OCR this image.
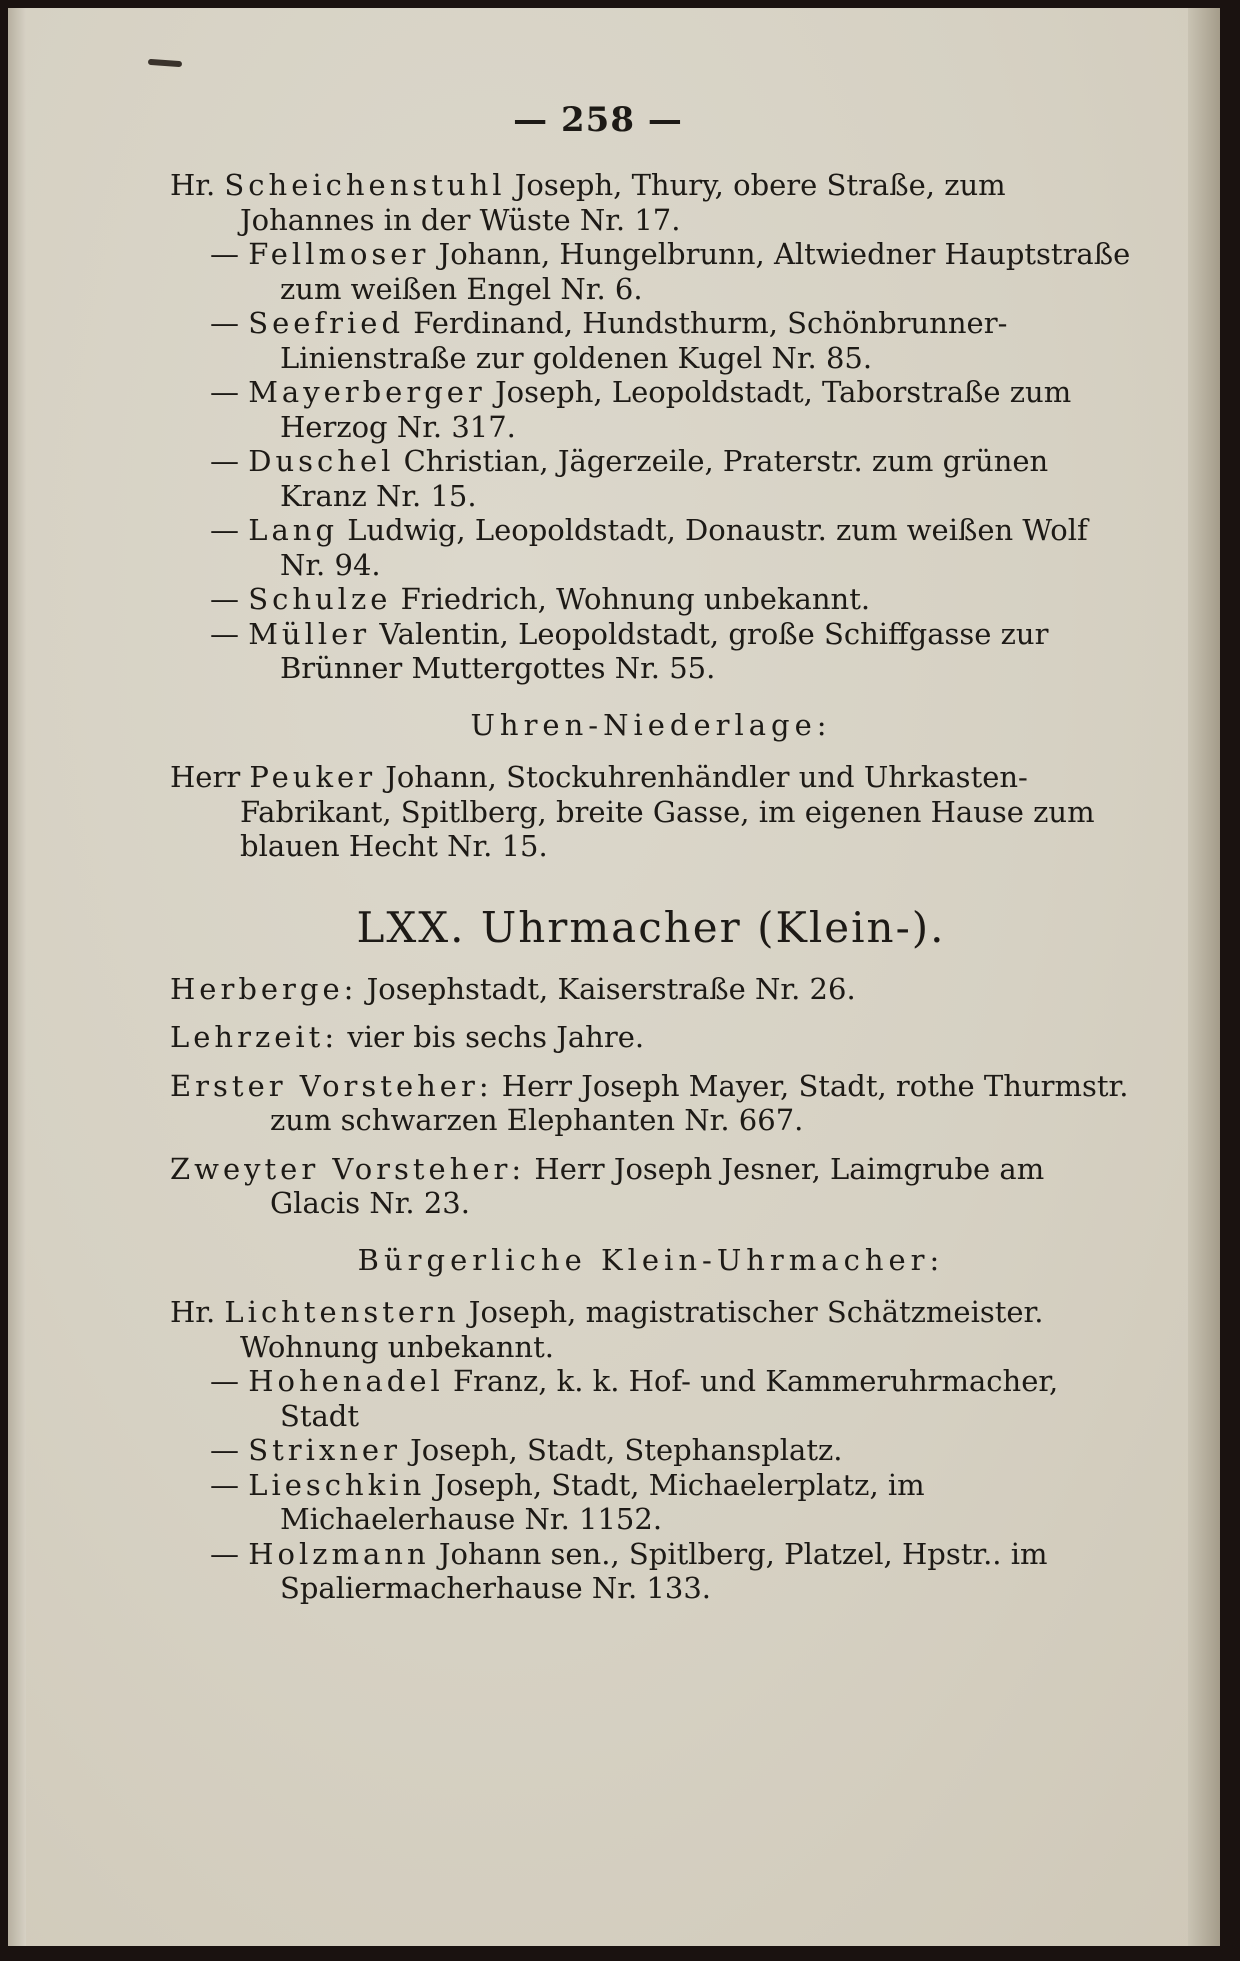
— 258 —

Hr. Scheichenstuhl Joseph, Thury, obere Straße, zum Johannes in der Wüste Nr. 17.

— Fellmoser Johann, Hungelbrunn, Altwiedner Hauptstraße zum weißen Engel Nr. 6.

— Seefried Ferdinand, Hundsthurm, Schönbrunner-Linienstraße zur goldenen Kugel Nr. 85.

— Mayerberger Joseph, Leopoldstadt, Taborstraße zum Herzog Nr. 317.

— Duschel Christian, Jägerzeile, Praterstr. zum grünen Kranz Nr. 15.

— Lang Ludwig, Leopoldstadt, Donaustr. zum weißen Wolf Nr. 94.

— Schulze Friedrich, Wohnung unbekannt.

— Müller Valentin, Leopoldstadt, große Schiffgasse zur Brünner Muttergottes Nr. 55.

Uhren-Niederlage:

Herr Peuker Johann, Stockuhrenhändler und Uhrkasten-Fabrikant, Spitlberg, breite Gasse, im eigenen Hause zum blauen Hecht Nr. 15.

LXX. Uhrmacher (Klein-).

Herberge: Josephstadt, Kaiserstraße Nr. 26.

Lehrzeit: vier bis sechs Jahre.

Erster Vorsteher: Herr Joseph Mayer, Stadt, rothe Thurmstr. zum schwarzen Elephanten Nr. 667.

Zweyter Vorsteher: Herr Joseph Jesner, Laimgrube am Glacis Nr. 23.

Bürgerliche Klein-Uhrmacher:

Hr. Lichtenstern Joseph, magistratischer Schätzmeister. Wohnung unbekannt.

— Hohenadel Franz, k. k. Hof- und Kammeruhrmacher, Stadt

— Strixner Joseph, Stadt, Stephansplatz.

— Lieschkin Joseph, Stadt, Michaelerplatz, im Michaelerhause Nr. 1152.

— Holzmann Johann sen., Spitlberg, Platzel, Hpstr.. im Spaliermacherhause Nr. 133.
